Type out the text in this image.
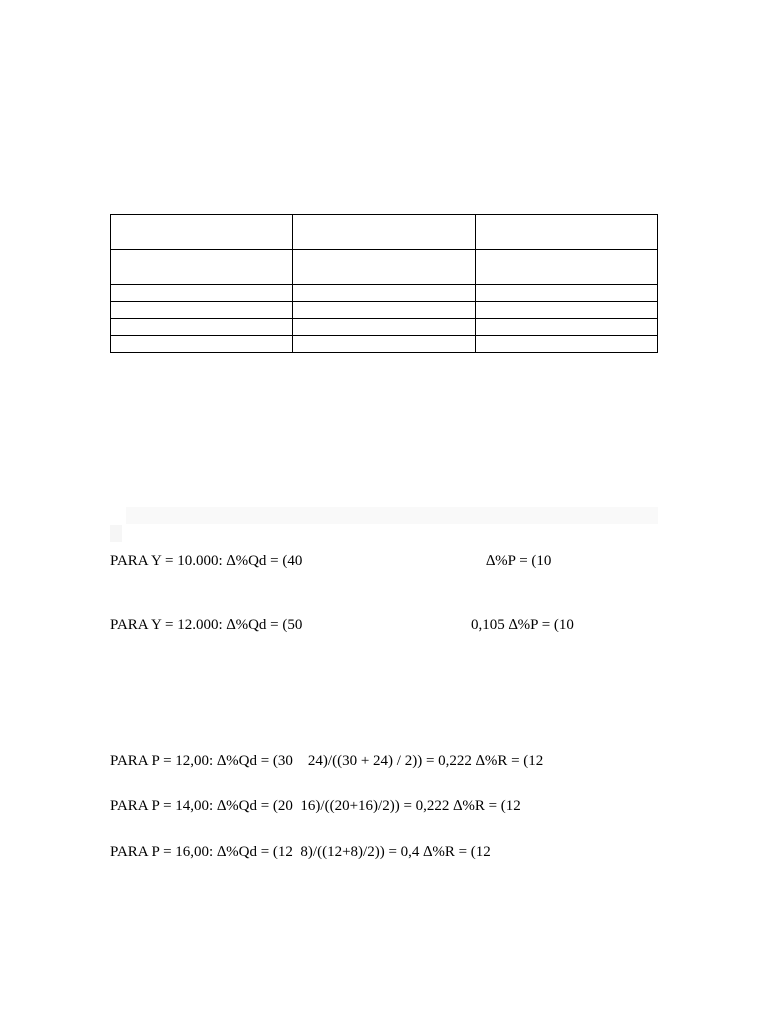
PARA Y = 10.000: ∆%Qd = (40	∆%P = (10
PARA Y = 12.000: ∆%Qd = (50	0,105 ∆%P = (10
PARA P = 12,00: ∆%Qd = (30    24)/((30 + 24) / 2)) = 0,222 ∆%R = (12
PARA P = 14,00: ∆%Qd = (20  16)/((20+16)/2)) = 0,222 ∆%R = (12
PARA P = 16,00: ∆%Qd = (12  8)/((12+8)/2)) = 0,4 ∆%R = (12
